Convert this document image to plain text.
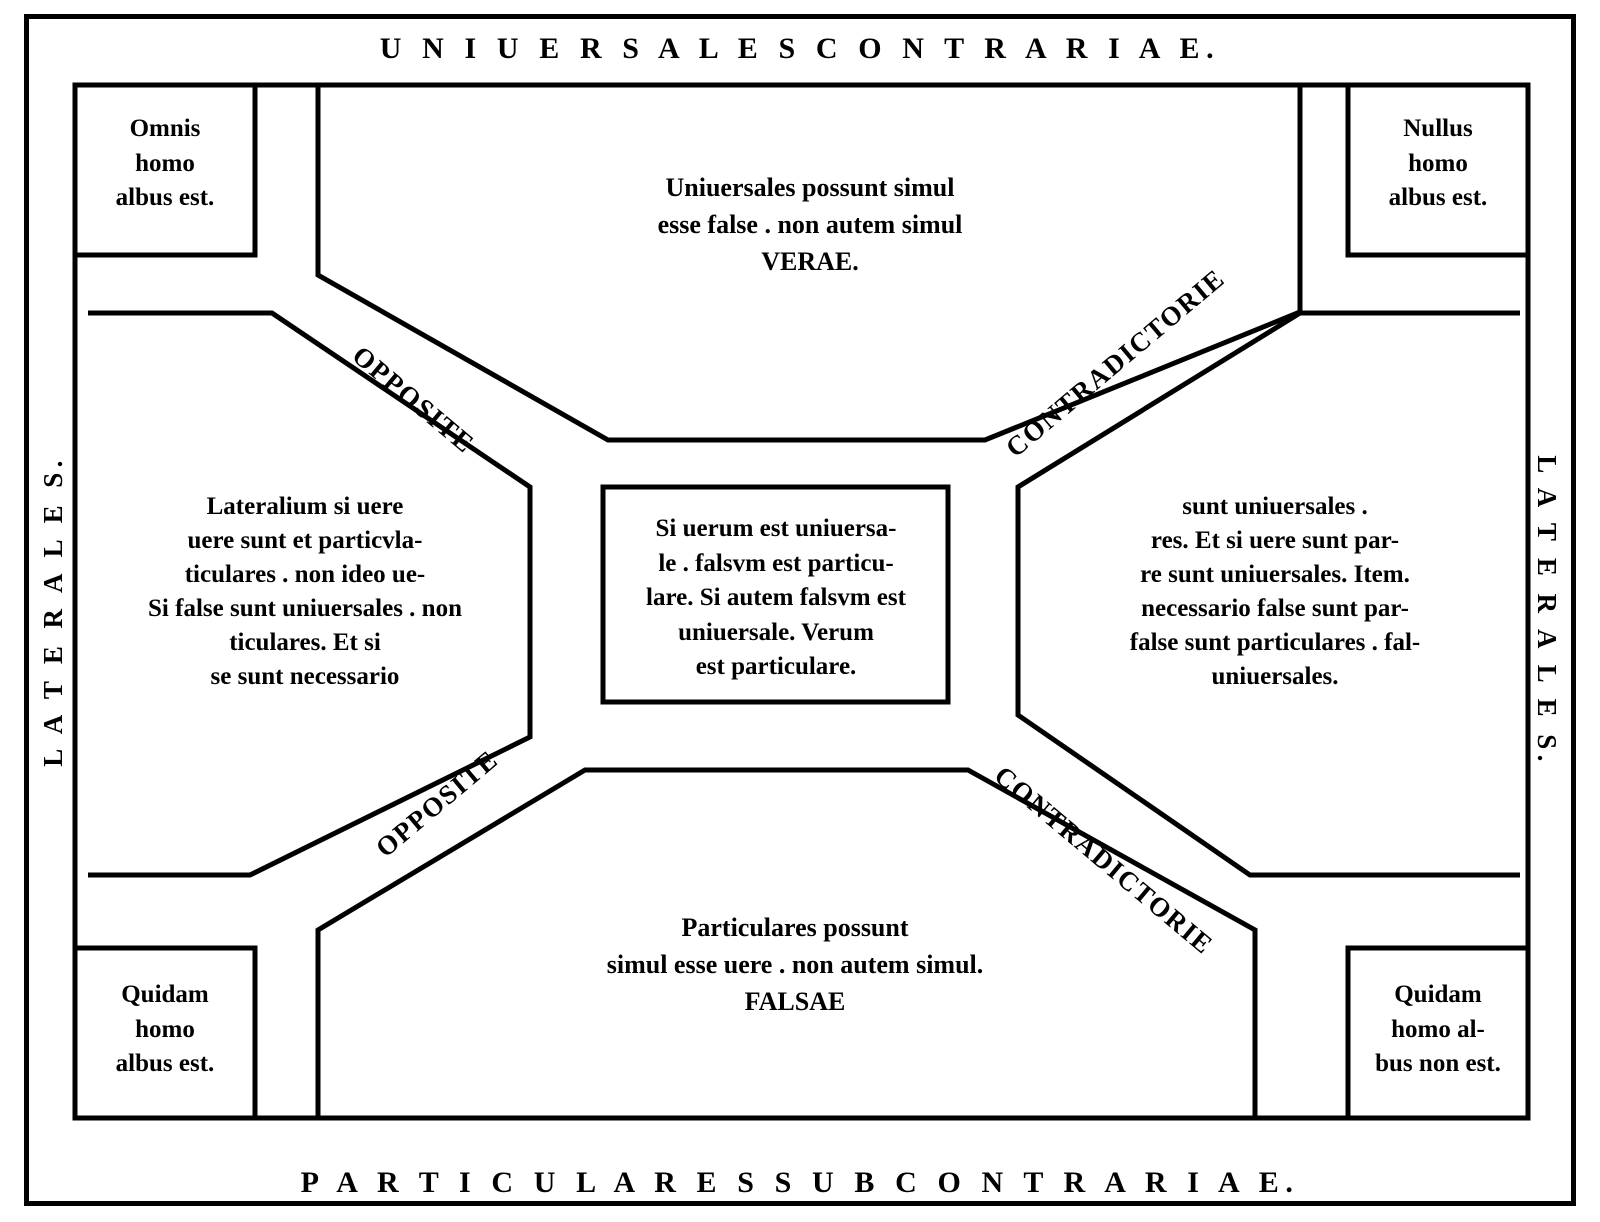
U N I U E R S A L E S C O N T R A R I A E.
P A R T I C U L A R E S S U B C O N T R A R I A E.
L A T E R A L E S.	L A T E R A L E S.
Omnis
homo
albus est.
Nullus
homo
albus est.
Quidam
homo
albus est.
Quidam
homo al-
bus non est.
Uniuersales possunt simul
esse false . non autem simul
VERAE.
Particulares possunt
simul esse uere . non autem simul.
FALSAE
Si uerum est uniuersa-
le . falsvm est particu-
lare. Si autem falsvm est
uniuersale. Verum
est particulare.
Lateralium si uere
uere sunt et particvla-
ticulares . non ideo ue-
Si false sunt uniuersales . non
ticulares. Et si
se sunt necessario
sunt uniuersales .
res. Et si uere sunt par-
re sunt uniuersales. Item.
necessario false sunt par-
false sunt particulares . fal-
uniuersales.
OPPOSITE
OPPOSITE
CONTRADICTORIE
CONTRADICTORIE
